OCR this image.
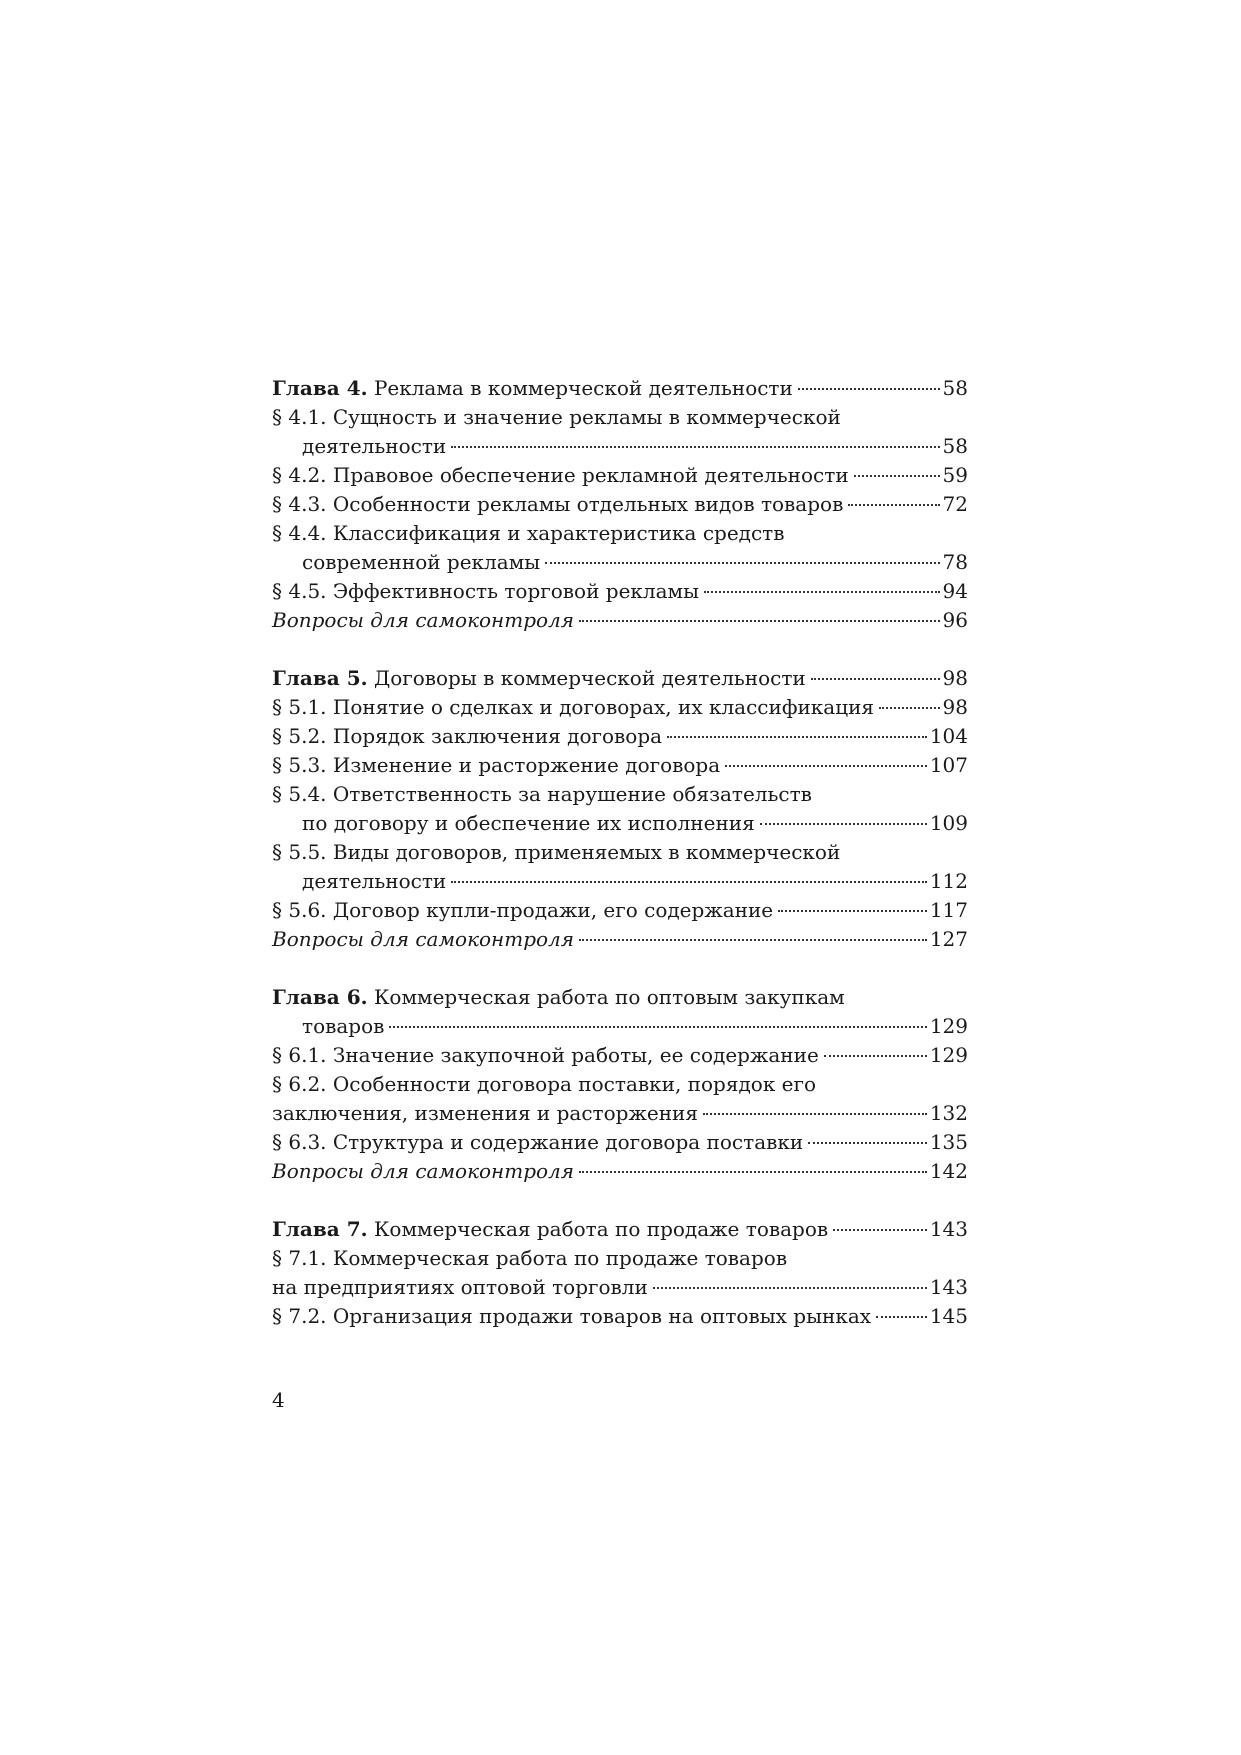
Глава 4. Реклама в коммерческой деятельности	58
§ 4.1. Сущность и значение рекламы в коммерческой
деятельности	58
§ 4.2. Правовое обеспечение рекламной деятельности	59
§ 4.3. Особенности рекламы отдельных видов товаров	72
§ 4.4. Классификация и характеристика средств
современной рекламы	78
§ 4.5. Эффективность торговой рекламы	94
Вопросы для самоконтроля	96
Глава 5. Договоры в коммерческой деятельности	98
§ 5.1. Понятие о сделках и договорах, их классификация	98
§ 5.2. Порядок заключения договора	104
§ 5.3. Изменение и расторжение договора	107
§ 5.4. Ответственность за нарушение обязательств
по договору и обеспечение их исполнения	109
§ 5.5. Виды договоров, применяемых в коммерческой
деятельности	112
§ 5.6. Договор купли-продажи, его содержание	117
Вопросы для самоконтроля	127
Глава 6. Коммерческая работа по оптовым закупкам
товаров	129
§ 6.1. Значение закупочной работы, ее содержание	129
§ 6.2. Особенности договора поставки, порядок его
заключения, изменения и расторжения	132
§ 6.3. Структура и содержание договора поставки	135
Вопросы для самоконтроля	142
Глава 7. Коммерческая работа по продаже товаров	143
§ 7.1. Коммерческая работа по продаже товаров
на предприятиях оптовой торговли	143
§ 7.2. Организация продажи товаров на оптовых рынках	145
4
